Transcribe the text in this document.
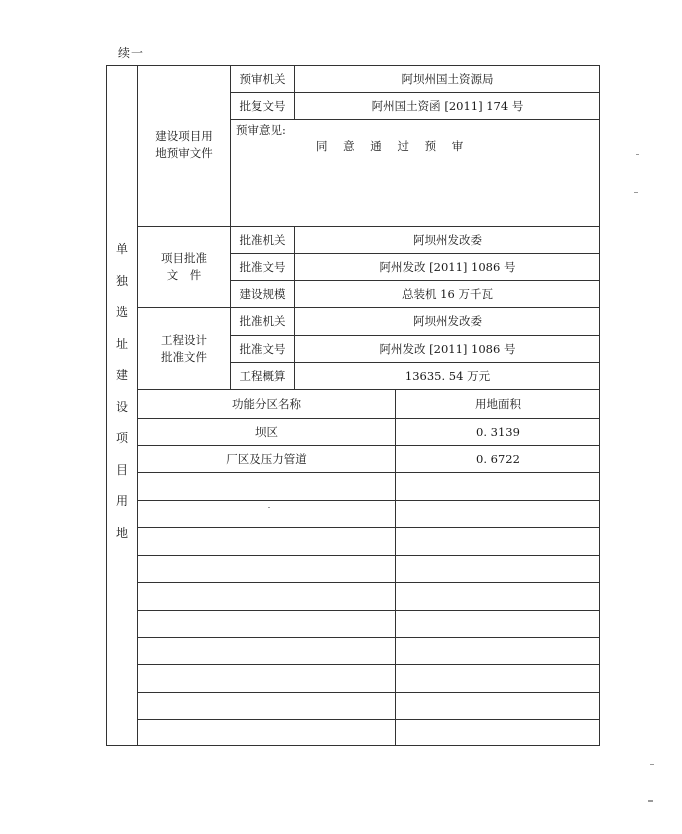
续一
单
独
选
址
建
设
项
目
用
地
建设项目用
地预审文件
预审机关	阿坝州国土资源局
批复文号	阿州国土资函 [2011] 174 号
预审意见:
同 意 通 过 预 审
项目批准
文　件
批准机关	阿坝州发改委
批准文号	阿州发改 [2011] 1086 号
建设规模	总装机 16 万千瓦
工程设计
批准文件
批准机关	阿坝州发改委
批准文号	阿州发改 [2011] 1086 号
工程概算	13635. 54 万元
功能分区名称	用地面积
坝区	0. 3139
厂区及压力管道	0. 6722
